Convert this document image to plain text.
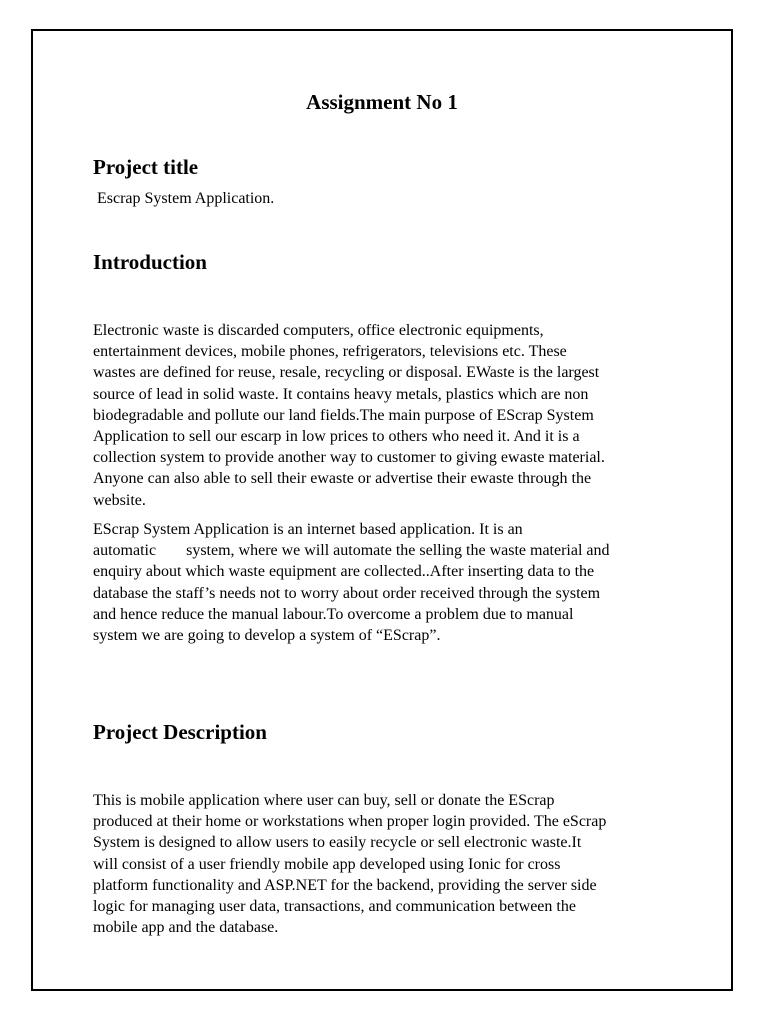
Assignment No 1
Project title
Escrap System Application.
Introduction
Electronic waste is discarded computers, office electronic equipments,
entertainment devices, mobile phones, refrigerators, televisions etc. These
wastes are defined for reuse, resale, recycling or disposal. EWaste is the largest
source of lead in solid waste. It contains heavy metals, plastics which are non
biodegradable and pollute our land fields.The main purpose of EScrap System
Application to sell our escarp in low prices to others who need it. And it is a
collection system to provide another way to customer to giving ewaste material.
Anyone can also able to sell their ewaste or advertise their ewaste through the
website.
EScrap System Application is an internet based application. It is an
automatic system, where we will automate the selling the waste material and
enquiry about which waste equipment are collected..After inserting data to the
database the staff’s needs not to worry about order received through the system
and hence reduce the manual labour.To overcome a problem due to manual
system we are going to develop a system of “EScrap”.
Project Description
This is mobile application where user can buy, sell or donate the EScrap
produced at their home or workstations when proper login provided. The eScrap
System is designed to allow users to easily recycle or sell electronic waste.It
will consist of a user friendly mobile app developed using Ionic for cross
platform functionality and ASP.NET for the backend, providing the server side
logic for managing user data, transactions, and communication between the
mobile app and the database.
